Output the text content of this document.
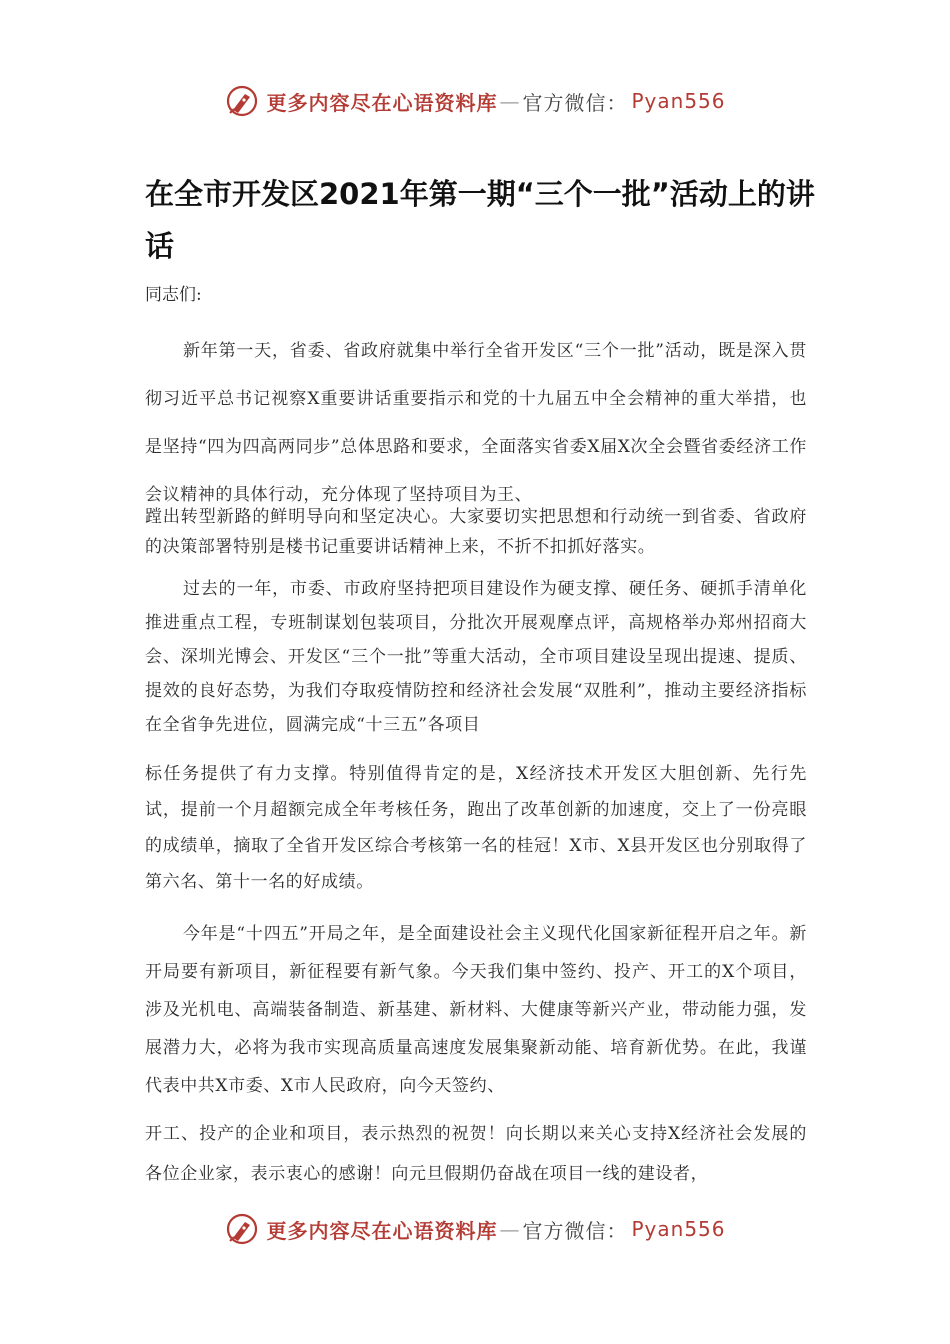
更多内容尽在心语资料库 — 官方微信： Pyan556
在全市开发区2021年第一期“三个一批”活动上的讲话

同志们:

新年第一天，省委、省政府就集中举行全省开发区“三个一批”活动，既是深入贯彻习近平总书记视察X重要讲话重要指示和党的十九届五中全会精神的重大举措，也是坚持“四为四高两同步”总体思路和要求，全面落实省委X届X次全会暨省委经济工作会议精神的具体行动，充分体现了坚持项目为王、

蹚出转型新路的鲜明导向和坚定决心。大家要切实把思想和行动统一到省委、省政府的决策部署特别是楼书记重要讲话精神上来，不折不扣抓好落实。

过去的一年，市委、市政府坚持把项目建设作为硬支撑、硬任务、硬抓手清单化推进重点工程，专班制谋划包装项目，分批次开展观摩点评，高规格举办郑州招商大会、深圳光博会、开发区“三个一批”等重大活动，全市项目建设呈现出提速、提质、提效的良好态势，为我们夺取疫情防控和经济社会发展“双胜利”，推动主要经济指标在全省争先进位，圆满完成“十三五”各项目

标任务提供了有力支撑。特别值得肯定的是，X经济技术开发区大胆创新、先行先试，提前一个月超额完成全年考核任务，跑出了改革创新的加速度，交上了一份亮眼的成绩单，摘取了全省开发区综合考核第一名的桂冠！X市、X县开发区也分别取得了第六名、第十一名的好成绩。

今年是“十四五”开局之年，是全面建设社会主义现代化国家新征程开启之年。新开局要有新项目，新征程要有新气象。今天我们集中签约、投产、开工的X个项目，涉及光机电、高端装备制造、新基建、新材料、大健康等新兴产业，带动能力强，发展潜力大，必将为我市实现高质量高速度发展集聚新动能、培育新优势。在此，我谨代表中共X市委、X市人民政府，向今天签约、

开工、投产的企业和项目，表示热烈的祝贺！向长期以来关心支持X经济社会发展的各位企业家，表示衷心的感谢！向元旦假期仍奋战在项目一线的建设者，

更多内容尽在心语资料库 — 官方微信： Pyan556
